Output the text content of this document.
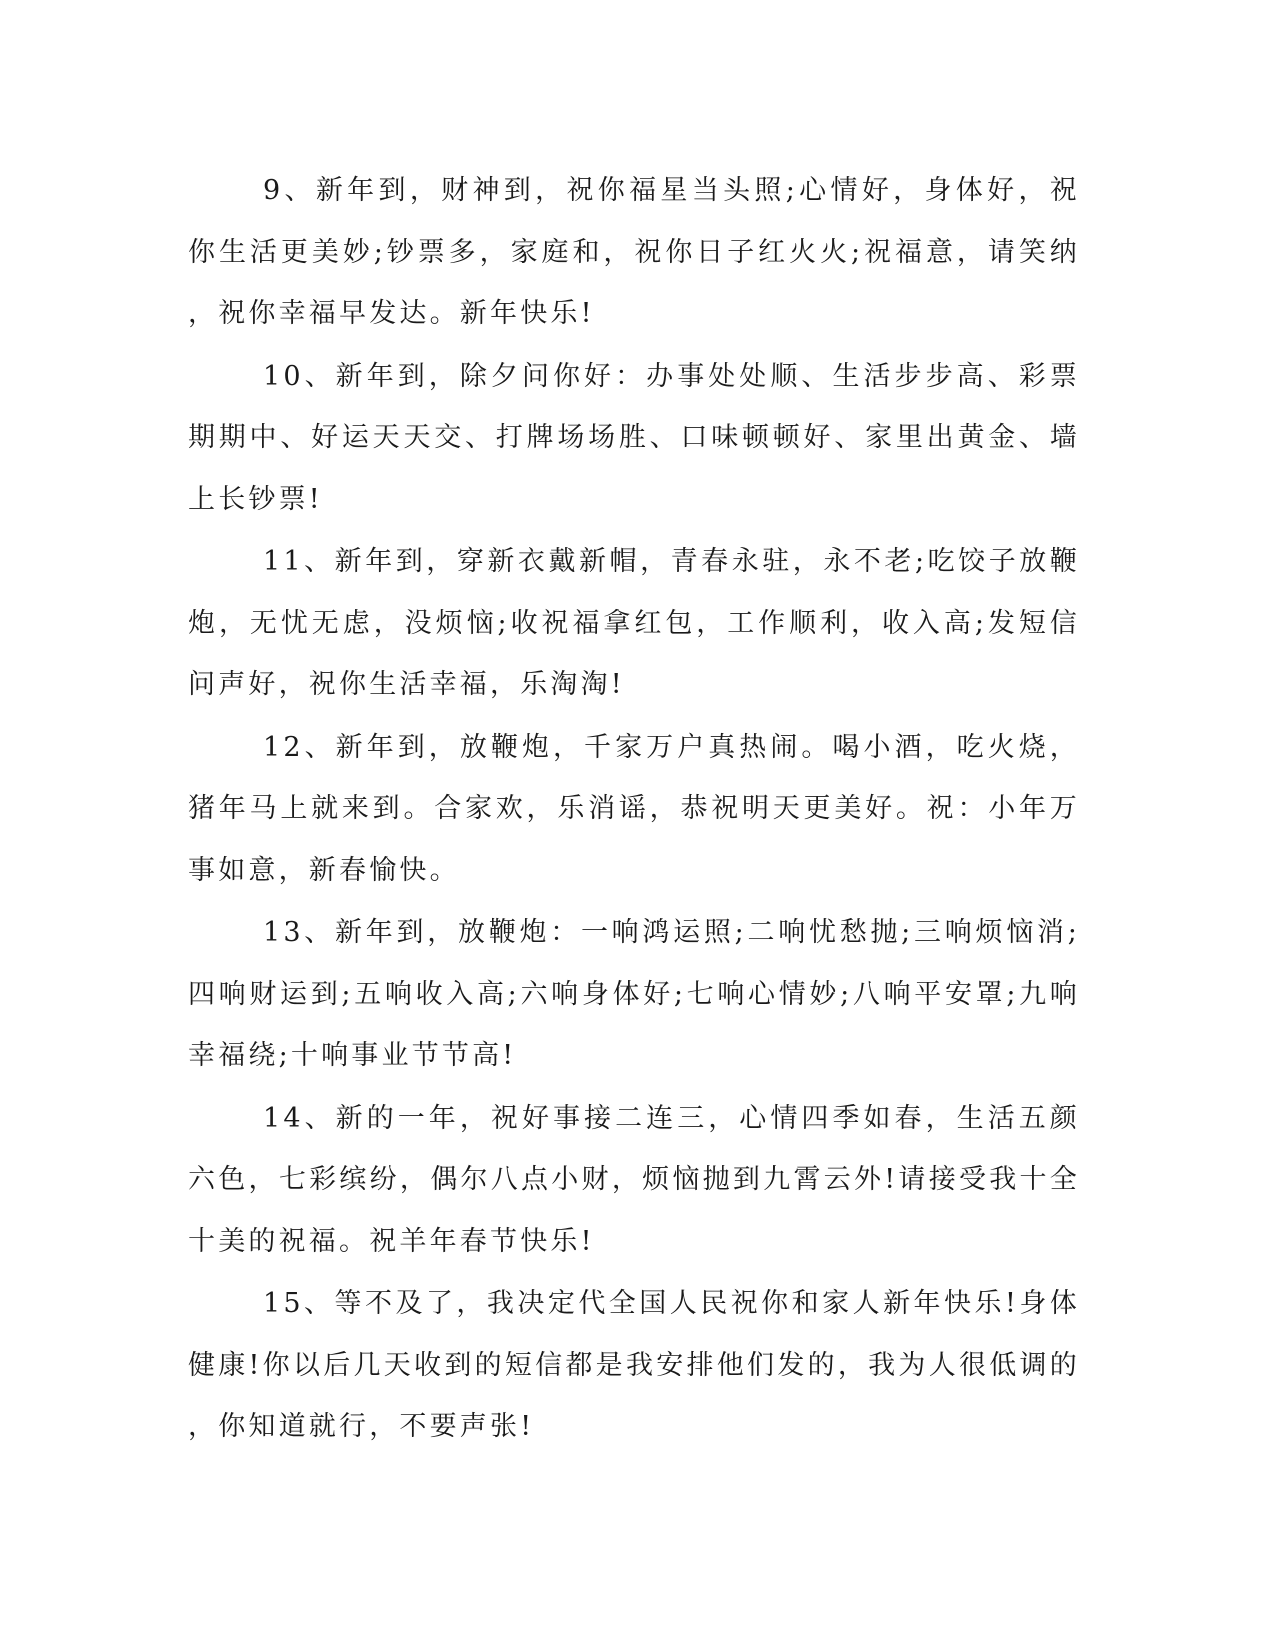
9、新年到，财神到，祝你福星当头照;心情好，身体好，祝你生活更美妙;钞票多，家庭和，祝你日子红火火;祝福意，请笑纳，祝你幸福早发达。新年快乐!

10、新年到，除夕问你好：办事处处顺、生活步步高、彩票期期中、好运天天交、打牌场场胜、口味顿顿好、家里出黄金、墙上长钞票!

11、新年到，穿新衣戴新帽，青春永驻，永不老;吃饺子放鞭炮，无忧无虑，没烦恼;收祝福拿红包，工作顺利，收入高;发短信问声好，祝你生活幸福，乐淘淘!

12、新年到，放鞭炮，千家万户真热闹。喝小酒，吃火烧，猪年马上就来到。合家欢，乐消谣，恭祝明天更美好。祝：小年万事如意，新春愉快。

13、新年到，放鞭炮：一响鸿运照;二响忧愁抛;三响烦恼消;四响财运到;五响收入高;六响身体好;七响心情妙;八响平安罩;九响幸福绕;十响事业节节高!

14、新的一年，祝好事接二连三，心情四季如春，生活五颜六色，七彩缤纷，偶尔八点小财，烦恼抛到九霄云外!请接受我十全十美的祝福。祝羊年春节快乐!

15、等不及了，我决定代全国人民祝你和家人新年快乐!身体健康!你以后几天收到的短信都是我安排他们发的，我为人很低调的，你知道就行，不要声张!
